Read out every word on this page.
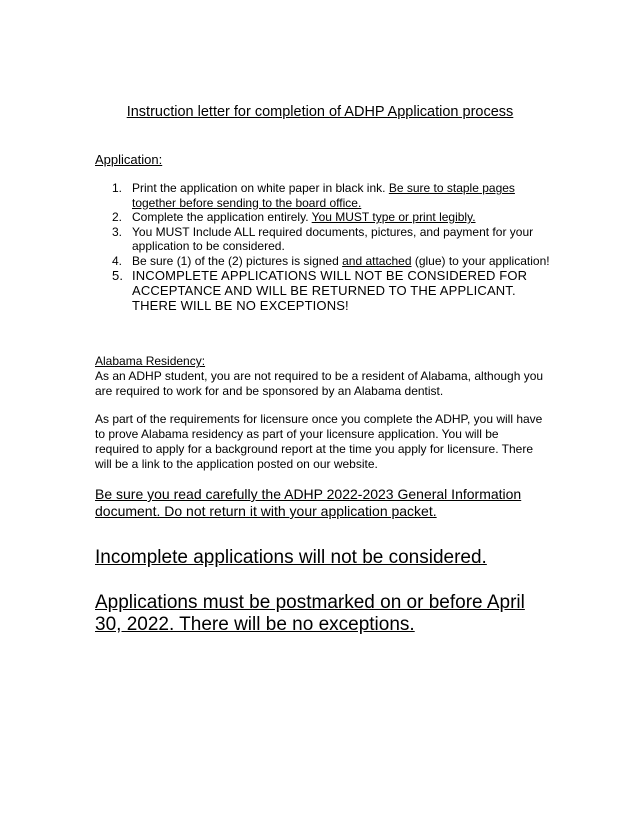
Instruction letter for completion of ADHP Application process

Application:

1. Print the application on white paper in black ink. Be sure to staple pages together before sending to the board office.
2. Complete the application entirely. You MUST type or print legibly.
3. You MUST Include ALL required documents, pictures, and payment for your application to be considered.
4. Be sure (1) of the (2) pictures is signed and attached (glue) to your application!
5. INCOMPLETE APPLICATIONS WILL NOT BE CONSIDERED FOR ACCEPTANCE AND WILL BE RETURNED TO THE APPLICANT. THERE WILL BE NO EXCEPTIONS!

Alabama Residency:

As an ADHP student, you are not required to be a resident of Alabama, although you are required to work for and be sponsored by an Alabama dentist.

As part of the requirements for licensure once you complete the ADHP, you will have to prove Alabama residency as part of your licensure application. You will be required to apply for a background report at the time you apply for licensure. There will be a link to the application posted on our website.

Be sure you read carefully the ADHP 2022-2023 General Information document. Do not return it with your application packet.

Incomplete applications will not be considered.

Applications must be postmarked on or before April 30, 2022. There will be no exceptions.
